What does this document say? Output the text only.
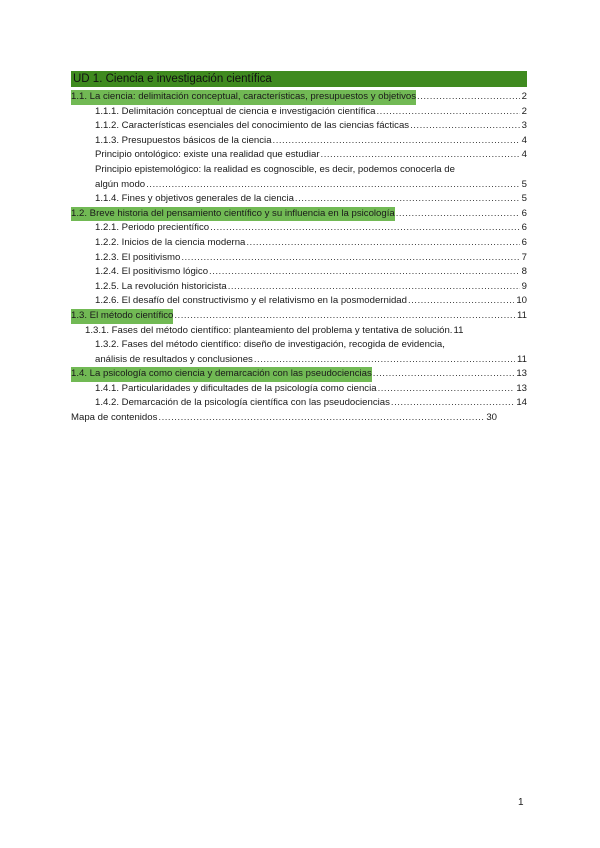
UD 1. Ciencia e investigación científica
1.1. La ciencia: delimitación conceptual, características, presupuestos y objetivos .....	2
1.1.1. Delimitación conceptual de ciencia e investigación científica .....	2
1.1.2. Características esenciales del conocimiento de las ciencias fácticas .....	3
1.1.3. Presupuestos básicos de la ciencia .....	4
Principio ontológico: existe una realidad que estudiar .....	4
Principio epistemológico: la realidad es cognoscible, es decir, podemos conocerla de
algún modo .....	5
1.1.4. Fines y objetivos generales de la ciencia .....	5
1.2. Breve historia del pensamiento científico y su influencia en la psicología .....	6
1.2.1. Periodo precientífico .....	6
1.2.2. Inicios de la ciencia moderna .....	6
1.2.3. El positivismo .....	7
1.2.4. El positivismo lógico .....	8
1.2.5. La revolución historicista .....	9
1.2.6. El desafío del constructivismo y el relativismo en la posmodernidad .....	10
1.3. El método científico .....	11
1.3.1. Fases del método científico: planteamiento del problema y tentativa de solución. 11
1.3.2. Fases del método científico: diseño de investigación, recogida de evidencia,
análisis de resultados y conclusiones .....	11
1.4. La psicología como ciencia y demarcación con las pseudociencias .....	13
1.4.1. Particularidades y dificultades de la psicología como ciencia .....	13
1.4.2. Demarcación de la psicología científica con las pseudociencias .....	14
Mapa de contenidos .....	30
1
